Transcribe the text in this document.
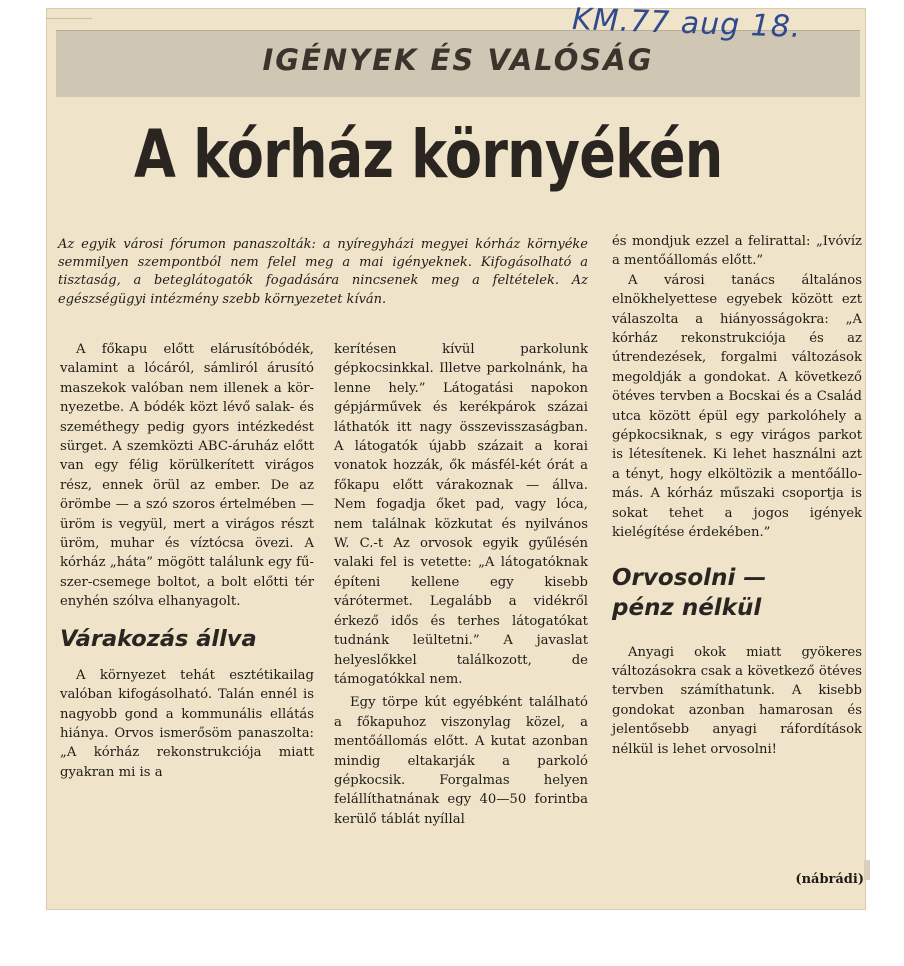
IGÉNYEK ÉS VALÓSÁG
KM.77 aug 18.
A kórház környékén
Az egyik városi fórumon panaszolták: a nyíregyházi megyei kórház környéke semmilyen szempontból nem felel meg a mai igényeknek. Kifogásolható a tisztaság, a beteglátogatók fogadására nincsenek meg a feltételek. Az egészségügyi intézmény szebb környezetet kíván.

A főkapu előtt elárusítóbódék, valamint a lócáról, sámliról árusító maszekok valóban nem illenek a környezetbe. A bódék közt lévő salak- és szeméthegy pedig gyors intézkedést sürget. A szemközti ABC-áruház előtt van egy félig körülkerített virágos rész, ennek örül az ember. De az örömbe — a szó szoros értelmében — üröm is vegyül, mert a virágos részt üröm, muhar és víztócsa övezi. A kórház „háta” mögött találunk egy fűszer-csemege boltot, a bolt előtti tér enyhén szólva elhanyagolt.

Várakozás állva

A környezet tehát esztétikailag valóban kifogásolható. Talán ennél is nagyobb gond a kommunális ellátás hiánya. Orvos ismerősöm panaszolta: „A kórház rekonstrukciója miatt gyakran mi is a

kerítésen kívül parkolunk gépkocsinkkal. Illetve parkolnánk, ha lenne hely.” Látogatási napokon gépjárművek és kerékpárok százai láthatók itt nagy összevisszaságban. A látogatók újabb százait a korai vonatok hozzák, ők másfél-két órát a főkapu előtt várakoznak — állva. Nem fogadja őket pad, vagy lóca, nem találnak közkutat és nyilvános W. C.-t Az orvosok egyik gyűlésén valaki fel is vetette: „A látogatóknak építeni kellene egy kisebb várótermet. Legalább a vidékről érkező idős és terhes látogatókat tudnánk leültetni.” A javaslat helyeslőkkel találkozott, de támogatókkal nem.

Egy törpe kút egyébként található a főkapuhoz viszonylag közel, a mentőállomás előtt. A kutat azonban mindig eltakarják a parkoló gépkocsik. Forgalmas helyen felállíthatnának egy 40—50 forintba kerülő táblát nyíllal

és mondjuk ezzel a felirattal: „Ivóvíz a mentőállomás előtt.”

A városi tanács általános elnökhelyettese egyebek között ezt válaszolta a hiányosságokra: „A kórház rekonstrukciója és az útrendezések, forgalmi változások megoldják a gondokat. A következő ötéves tervben a Bocskai és a Család utca között épül egy parkolóhely a gépkocsiknak, s egy virágos parkot is létesítenek. Ki lehet használni azt a tényt, hogy elköltözik a mentőállomás. A kórház műszaki csoportja is sokat tehet a jogos igények kielégítése érdekében.”

Orvosolni —
pénz nélkül

Anyagi okok miatt gyökeres változásokra csak a következő ötéves tervben számíthatunk. A kisebb gondokat azonban hamarosan és jelentősebb anyagi ráfordítások nélkül is lehet orvosolni!

(nábrádi)
